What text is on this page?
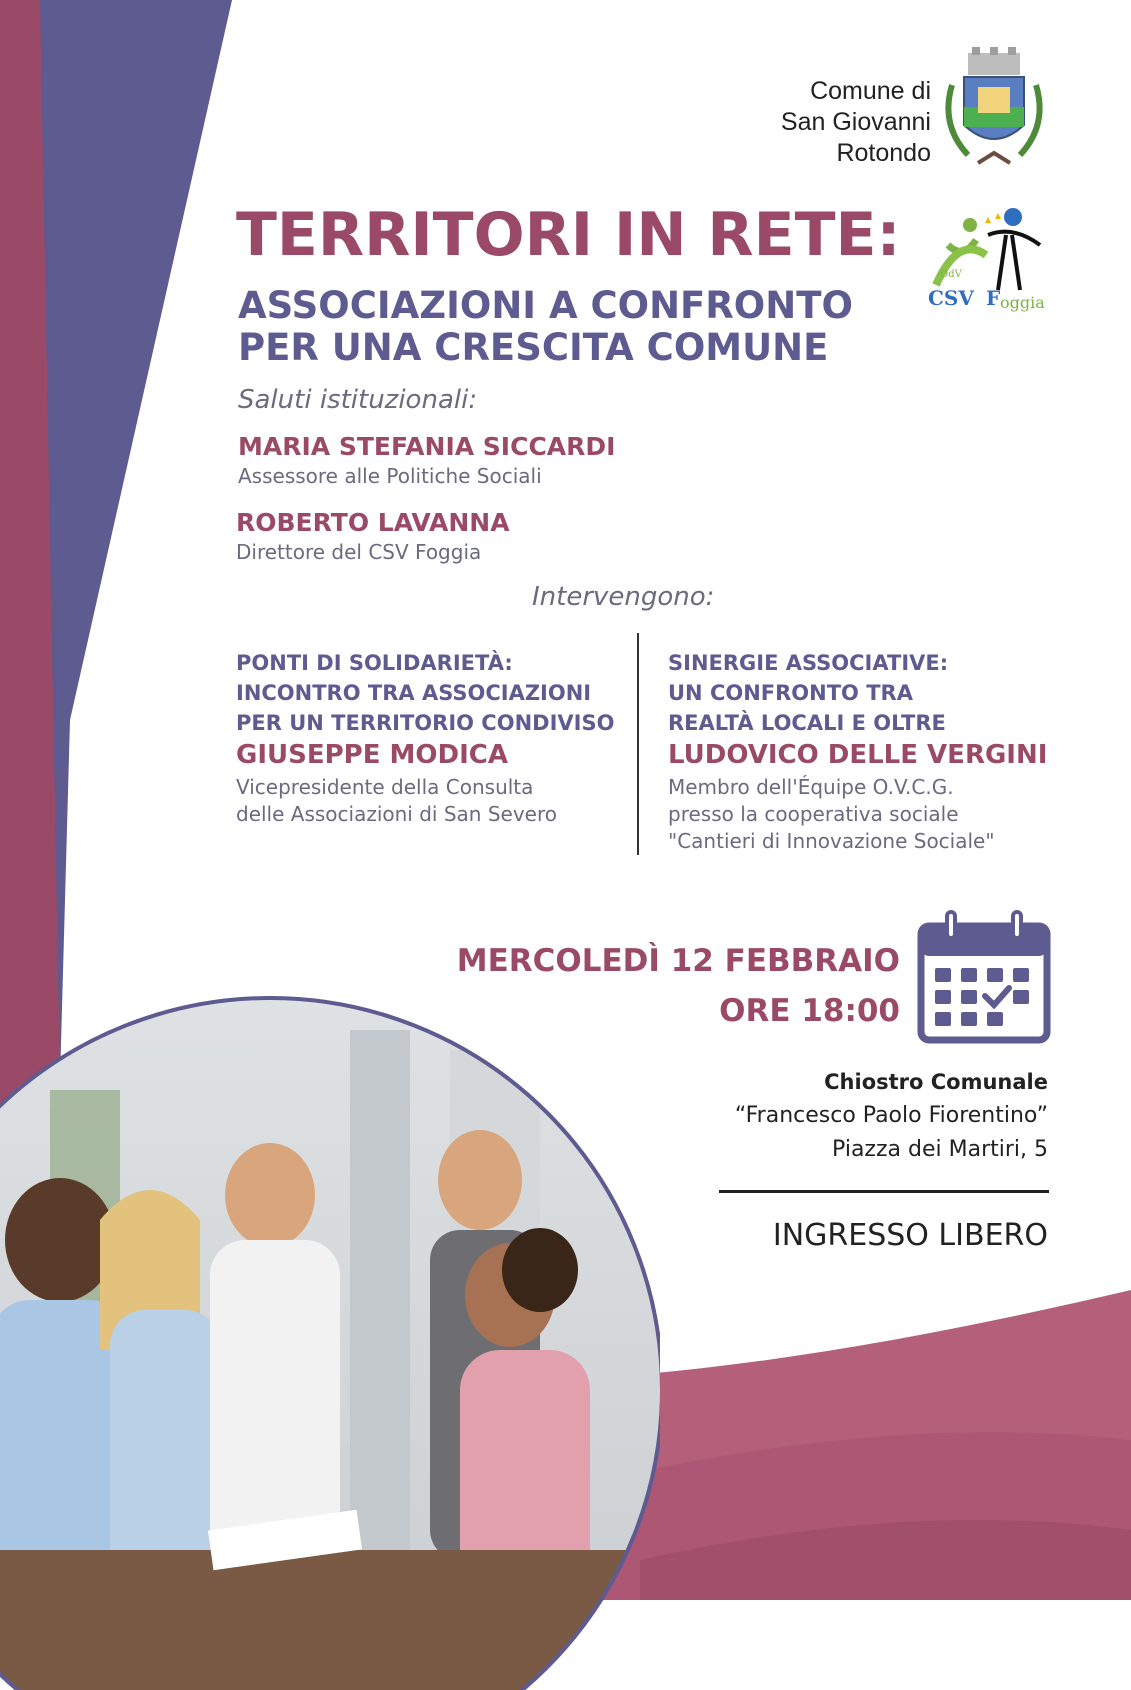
Comune di
San Giovanni
Rotondo
OdV
CSV F oggia
TERRITORI IN RETE:
ASSOCIAZIONI A CONFRONTO
PER UNA CRESCITA COMUNE
Saluti istituzionali:
MARIA STEFANIA SICCARDI
Assessore alle Politiche Sociali
ROBERTO LAVANNA
Direttore del CSV Foggia
Intervengono:
PONTI DI SOLIDARIETÀ:
INCONTRO TRA ASSOCIAZIONI
PER UN TERRITORIO CONDIVISO
GIUSEPPE MODICA
Vicepresidente della Consulta
delle Associazioni di San Severo
SINERGIE ASSOCIATIVE:
UN CONFRONTO TRA
REALTÀ LOCALI E OLTRE
LUDOVICO DELLE VERGINI
Membro dell'Équipe O.V.C.G.
presso la cooperativa sociale
"Cantieri di Innovazione Sociale"
MERCOLEDÌ 12 FEBBRAIO
ORE 18:00
Chiostro Comunale
“Francesco Paolo Fiorentino”
Piazza dei Martiri, 5
INGRESSO LIBERO
